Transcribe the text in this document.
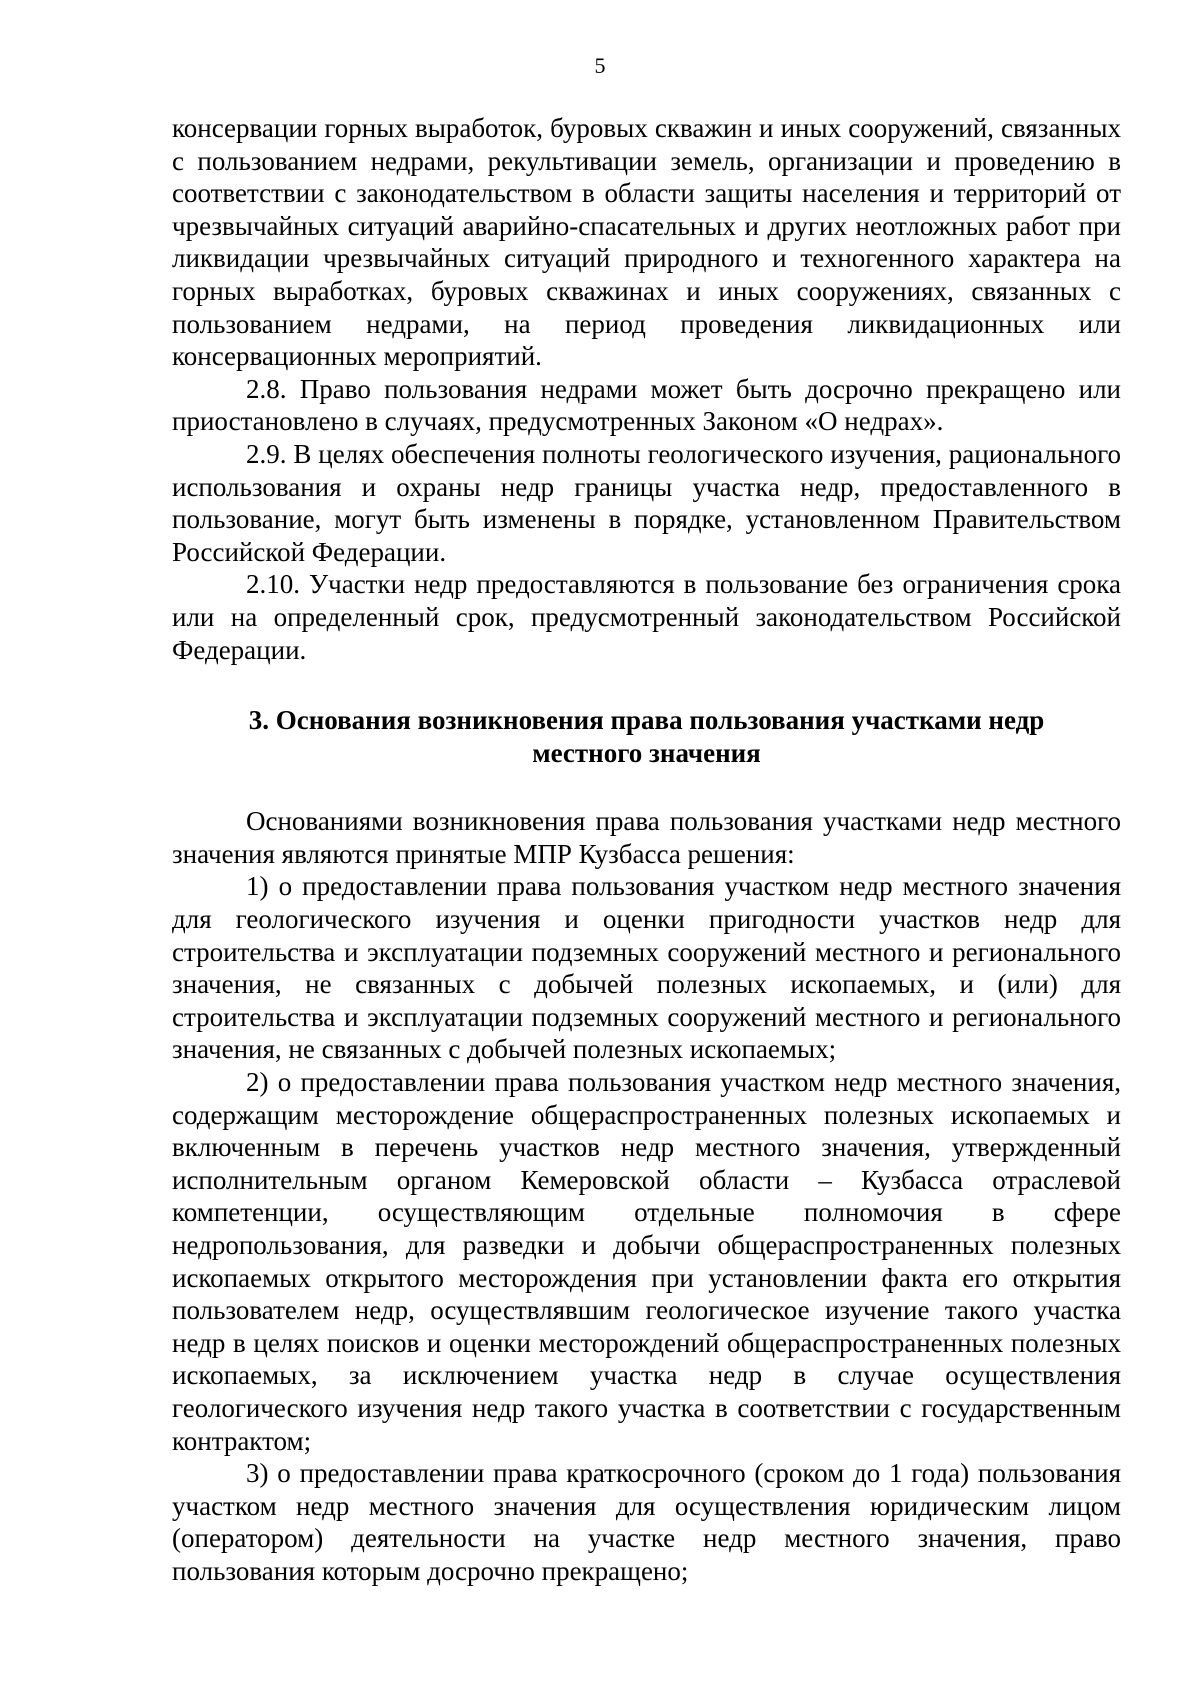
5

консервации горных выработок, буровых скважин и иных сооружений, связанных с пользованием недрами, рекультивации земель, организации и проведению в соответствии с законодательством в области защиты населения и территорий от чрезвычайных ситуаций аварийно-спасательных и других неотложных работ при ликвидации чрезвычайных ситуаций природного и техногенного характера на горных выработках, буровых скважинах и иных сооружениях, связанных с пользованием недрами, на период проведения ликвидационных или консервационных мероприятий.

2.8. Право пользования недрами может быть досрочно прекращено или приостановлено в случаях, предусмотренных Законом «О недрах».

2.9. В целях обеспечения полноты геологического изучения, рационального использования и охраны недр границы участка недр, предоставленного в пользование, могут быть изменены в порядке, установленном Правительством Российской Федерации.

2.10. Участки недр предоставляются в пользование без ограничения срока или на определенный срок, предусмотренный законодательством Российской Федерации.

3. Основания возникновения права пользования участками недр
местного значения

Основаниями возникновения права пользования участками недр местного значения являются принятые МПР Кузбасса решения:

1) о предоставлении права пользования участком недр местного значения для геологического изучения и оценки пригодности участков недр для строительства и эксплуатации подземных сооружений местного и регионального значения, не связанных с добычей полезных ископаемых, и (или) для строительства и эксплуатации подземных сооружений местного и регионального значения, не связанных с добычей полезных ископаемых;

2) о предоставлении права пользования участком недр местного значения, содержащим месторождение общераспространенных полезных ископаемых и включенным в перечень участков недр местного значения, утвержденный исполнительным органом Кемеровской области – Кузбасса отраслевой компетенции, осуществляющим отдельные полномочия в сфере недропользования, для разведки и добычи общераспространенных полезных ископаемых открытого месторождения при установлении факта его открытия пользователем недр, осуществлявшим геологическое изучение такого участка недр в целях поисков и оценки месторождений общераспространенных полезных ископаемых, за исключением участка недр в случае осуществления геологического изучения недр такого участка в соответствии с государственным контрактом;

3) о предоставлении права краткосрочного (сроком до 1 года) пользования участком недр местного значения для осуществления юридическим лицом (оператором) деятельности на участке недр местного значения, право пользования которым досрочно прекращено;
